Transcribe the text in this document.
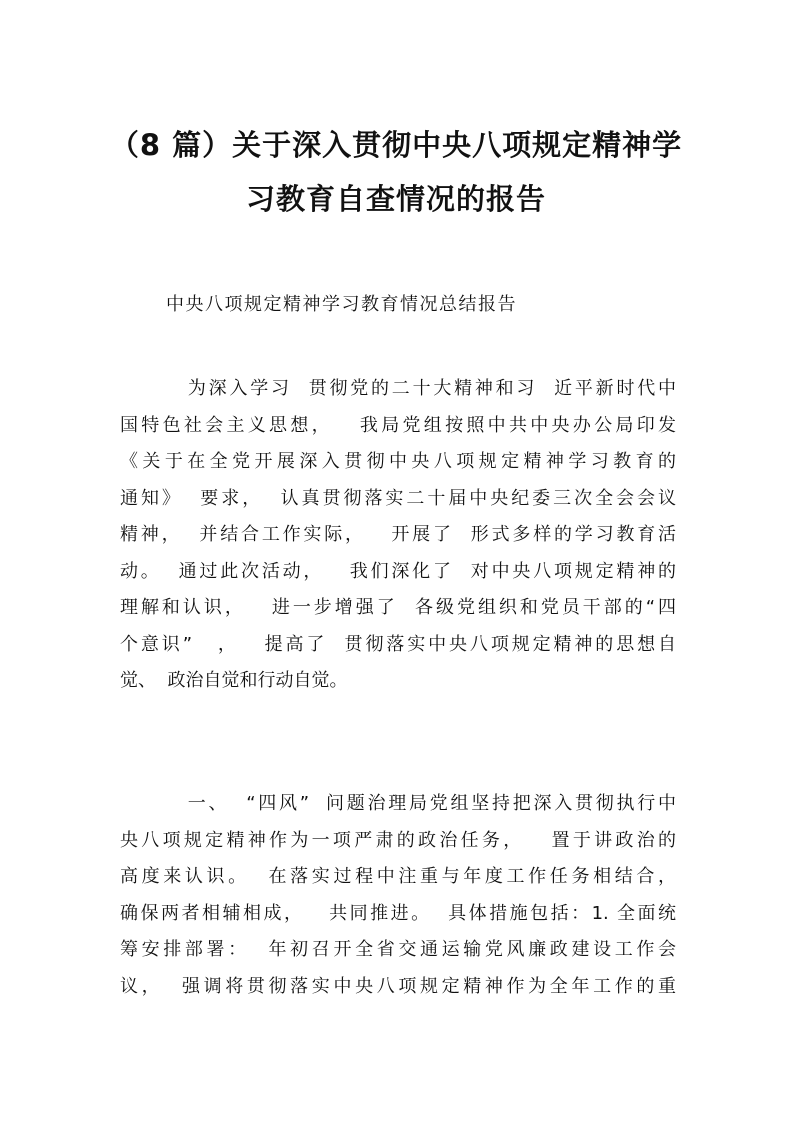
（8 篇）关于深入贯彻中央八项规定精神学
习教育自查情况的报告

中央八项规定精神学习教育情况总结报告

为深入学习  贯彻党的二十大精神和习  近平新时代中
国特色社会主义思想，   我局党组按照中共中央办公局印发
《关于在全党开展深入贯彻中央八项规定精神学习教育的
通知》  要求，  认真贯彻落实二十届中央纪委三次全会会议
精神，  并结合工作实际，   开展了  形式多样的学习教育活
动。  通过此次活动，   我们深化了  对中央八项规定精神的
理解和认识，   进一步增强了  各级党组织和党员干部的“四
个意识”   ，   提高了  贯彻落实中央八项规定精神的思想自
觉、  政治自觉和行动自觉。
一、  “四风”  问题治理局党组坚持把深入贯彻执行中
央八项规定精神作为一项严肃的政治任务，   置于讲政治的
高度来认识。  在落实过程中注重与年度工作任务相结合，
确保两者相辅相成，   共同推进。  具体措施包括：1. 全面统
筹安排部署：  年初召开全省交通运输党风廉政建设工作会
议，  强调将贯彻落实中央八项规定精神作为全年工作的重
